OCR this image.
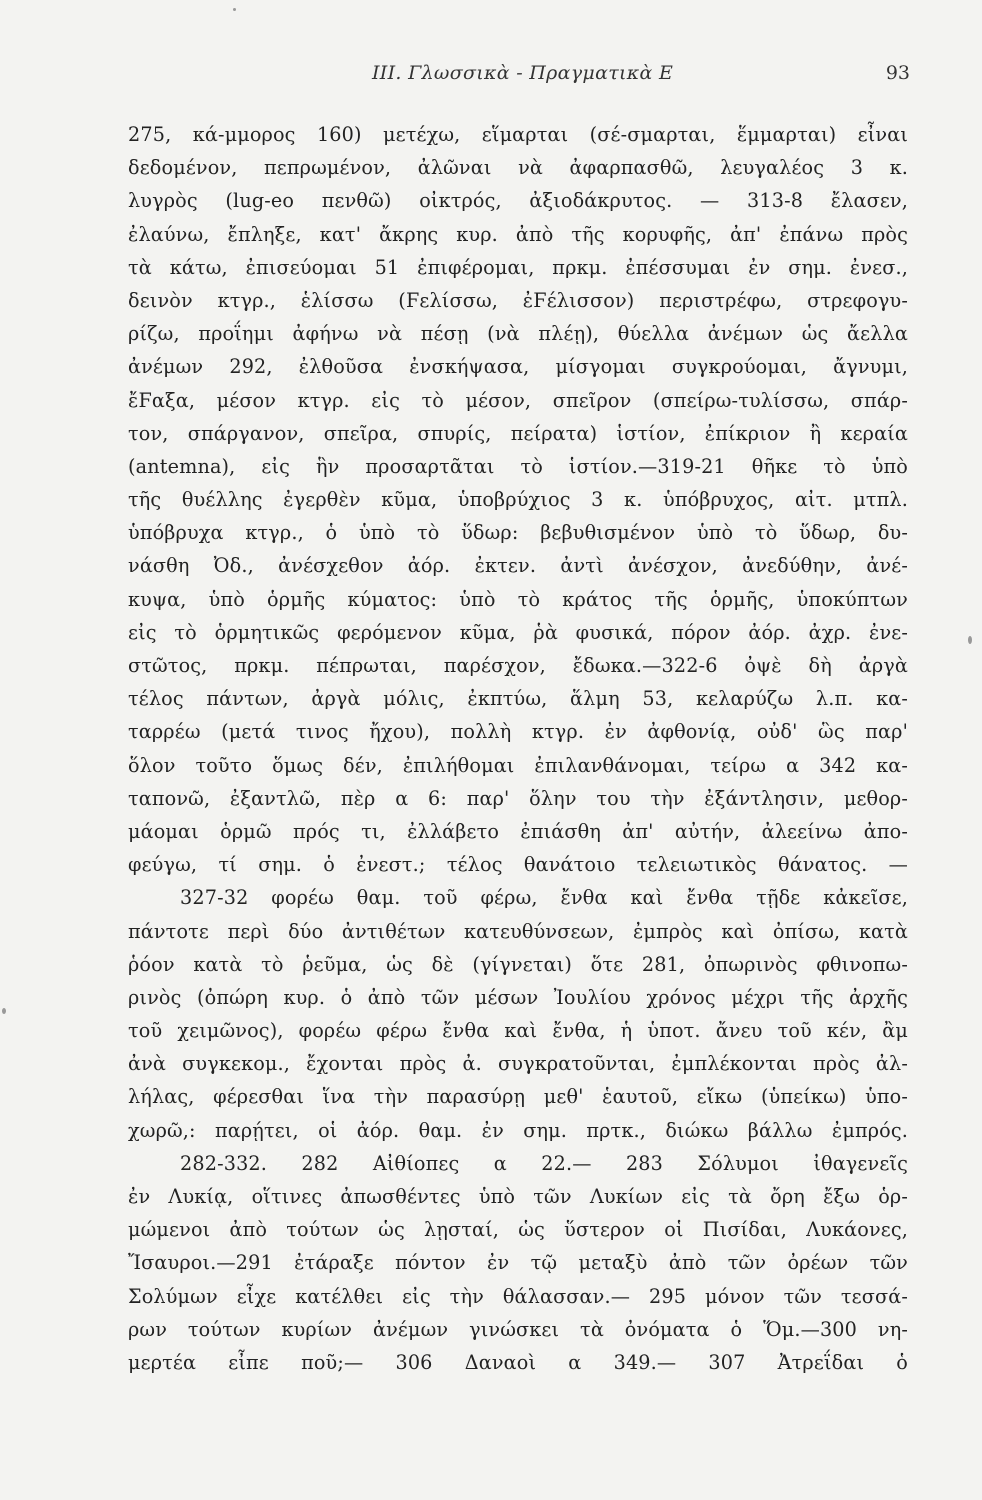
III. Γλωσσικὰ - Πραγματικὰ Ε	93
275, κά-μμορος 160) μετέχω, εἵμαρται (σέ-σμαρται, ἕμμαρται) εἶναι
δεδομένον, πεπρωμένον, ἀλῶναι νὰ ἀφαρπασθῶ, λευγαλέος 3 κ.
λυγρὸς (lug-eo πενθῶ) οἰκτρός, ἀξιοδάκρυτος. — 313-8 ἔλασεν,
ἐλαύνω, ἔπληξε, κατ' ἄκρης κυρ. ἀπὸ τῆς κορυφῆς, ἀπ' ἐπάνω πρὸς
τὰ κάτω, ἐπισεύομαι 51 ἐπιφέρομαι, πρκμ. ἐπέσσυμαι ἐν σημ. ἐνεσ.,
δεινὸν κτγρ., ἑλίσσω (Ϝελίσσω, ἐϜέλισσον) περιστρέφω, στρεφογυ-
ρίζω, προΐημι ἀφήνω νὰ πέσῃ (νὰ πλέῃ), θύελλα ἀνέμων ὡς ἄελλα
ἀνέμων 292, ἐλθοῦσα ἐνσκήψασα, μίσγομαι συγκρούομαι, ἄγνυμι,
ἔϜαξα, μέσον κτγρ. εἰς τὸ μέσον, σπεῖρον (σπείρω-τυλίσσω, σπάρ-
τον, σπάργανον, σπεῖρα, σπυρίς, πείρατα) ἱστίον, ἐπίκριον ἢ κεραία
(antemna), εἰς ἣν προσαρτᾶται τὸ ἱστίον.—319-21 θῆκε τὸ ὑπὸ
τῆς θυέλλης ἐγερθὲν κῦμα, ὑποβρύχιος 3 κ. ὑπόβρυχος, αἰτ. μτπλ.
ὑπόβρυχα κτγρ., ὁ ὑπὸ τὸ ὕδωρ: βεβυθισμένον ὑπὸ τὸ ὕδωρ, δυ-
νάσθη Ὀδ., ἀνέσχεθον ἀόρ. ἐκτεν. ἀντὶ ἀνέσχον, ἀνεδύθην, ἀνέ-
κυψα, ὑπὸ ὁρμῆς κύματος: ὑπὸ τὸ κράτος τῆς ὁρμῆς, ὑποκύπτων
εἰς τὸ ὁρμητικῶς φερόμενον κῦμα, ῥὰ φυσικά, πόρον ἀόρ. ἀχρ. ἐνε-
στῶτος, πρκμ. πέπρωται, παρέσχον, ἔδωκα.—322-6 ὀψὲ δὴ ἀργὰ
τέλος πάντων, ἀργὰ μόλις, ἐκπτύω, ἅλμη 53, κελαρύζω λ.π. κα-
ταρρέω (μετά τινος ἤχου), πολλὴ κτγρ. ἐν ἀφθονίᾳ, οὐδ' ὣς παρ'
ὅλον τοῦτο ὅμως δέν, ἐπιλήθομαι ἐπιλανθάνομαι, τείρω α 342 κα-
ταπονῶ, ἐξαντλῶ, πὲρ α 6: παρ' ὅλην του τὴν ἐξάντλησιν, μεθορ-
μάομαι ὁρμῶ πρός τι, ἐλλάβετο ἐπιάσθη ἀπ' αὐτήν, ἀλεείνω ἀπο-
φεύγω, τί σημ. ὁ ἐνεστ.; τέλος θανάτοιο τελειωτικὸς θάνατος. —
327-32 φορέω θαμ. τοῦ φέρω, ἔνθα καὶ ἔνθα τῇδε κἀκεῖσε,
πάντοτε περὶ δύο ἀντιθέτων κατευθύνσεων, ἐμπρὸς καὶ ὀπίσω, κατὰ
ῥόον κατὰ τὸ ῥεῦμα, ὡς δὲ (γίγνεται) ὅτε 281, ὀπωρινὸς φθινοπω-
ρινὸς (ὀπώρη κυρ. ὁ ἀπὸ τῶν μέσων Ἰουλίου χρόνος μέχρι τῆς ἀρχῆς
τοῦ χειμῶνος), φορέω φέρω ἔνθα καὶ ἔνθα, ἡ ὑποτ. ἄνευ τοῦ κέν, ἂμ
ἀνὰ συγκεκομ., ἔχονται πρὸς ἀ. συγκρατοῦνται, ἐμπλέκονται πρὸς ἀλ-
λήλας, φέρεσθαι ἵνα τὴν παρασύρῃ μεθ' ἑαυτοῦ, εἴκω (ὑπείκω) ὑπο-
χωρῶ,: παρῄτει, οἱ ἀόρ. θαμ. ἐν σημ. πρτκ., διώκω βάλλω ἐμπρός.
282-332. 282 Αἰθίοπες α 22.— 283 Σόλυμοι ἰθαγενεῖς
ἐν Λυκίᾳ, οἵτινες ἀπωσθέντες ὑπὸ τῶν Λυκίων εἰς τὰ ὄρη ἔξω ὁρ-
μώμενοι ἀπὸ τούτων ὡς λῃσταί, ὡς ὕστερον οἱ Πισίδαι, Λυκάονες,
Ἴσαυροι.—291 ἐτάραξε πόντον ἐν τῷ μεταξὺ ἀπὸ τῶν ὀρέων τῶν
Σολύμων εἶχε κατέλθει εἰς τὴν θάλασσαν.— 295 μόνον τῶν τεσσά-
ρων τούτων κυρίων ἀνέμων γινώσκει τὰ ὀνόματα ὁ Ὅμ.—300 νη-
μερτέα εἶπε ποῦ;— 306 Δαναοὶ α 349.— 307 Ἀτρεΐδαι ὁ
